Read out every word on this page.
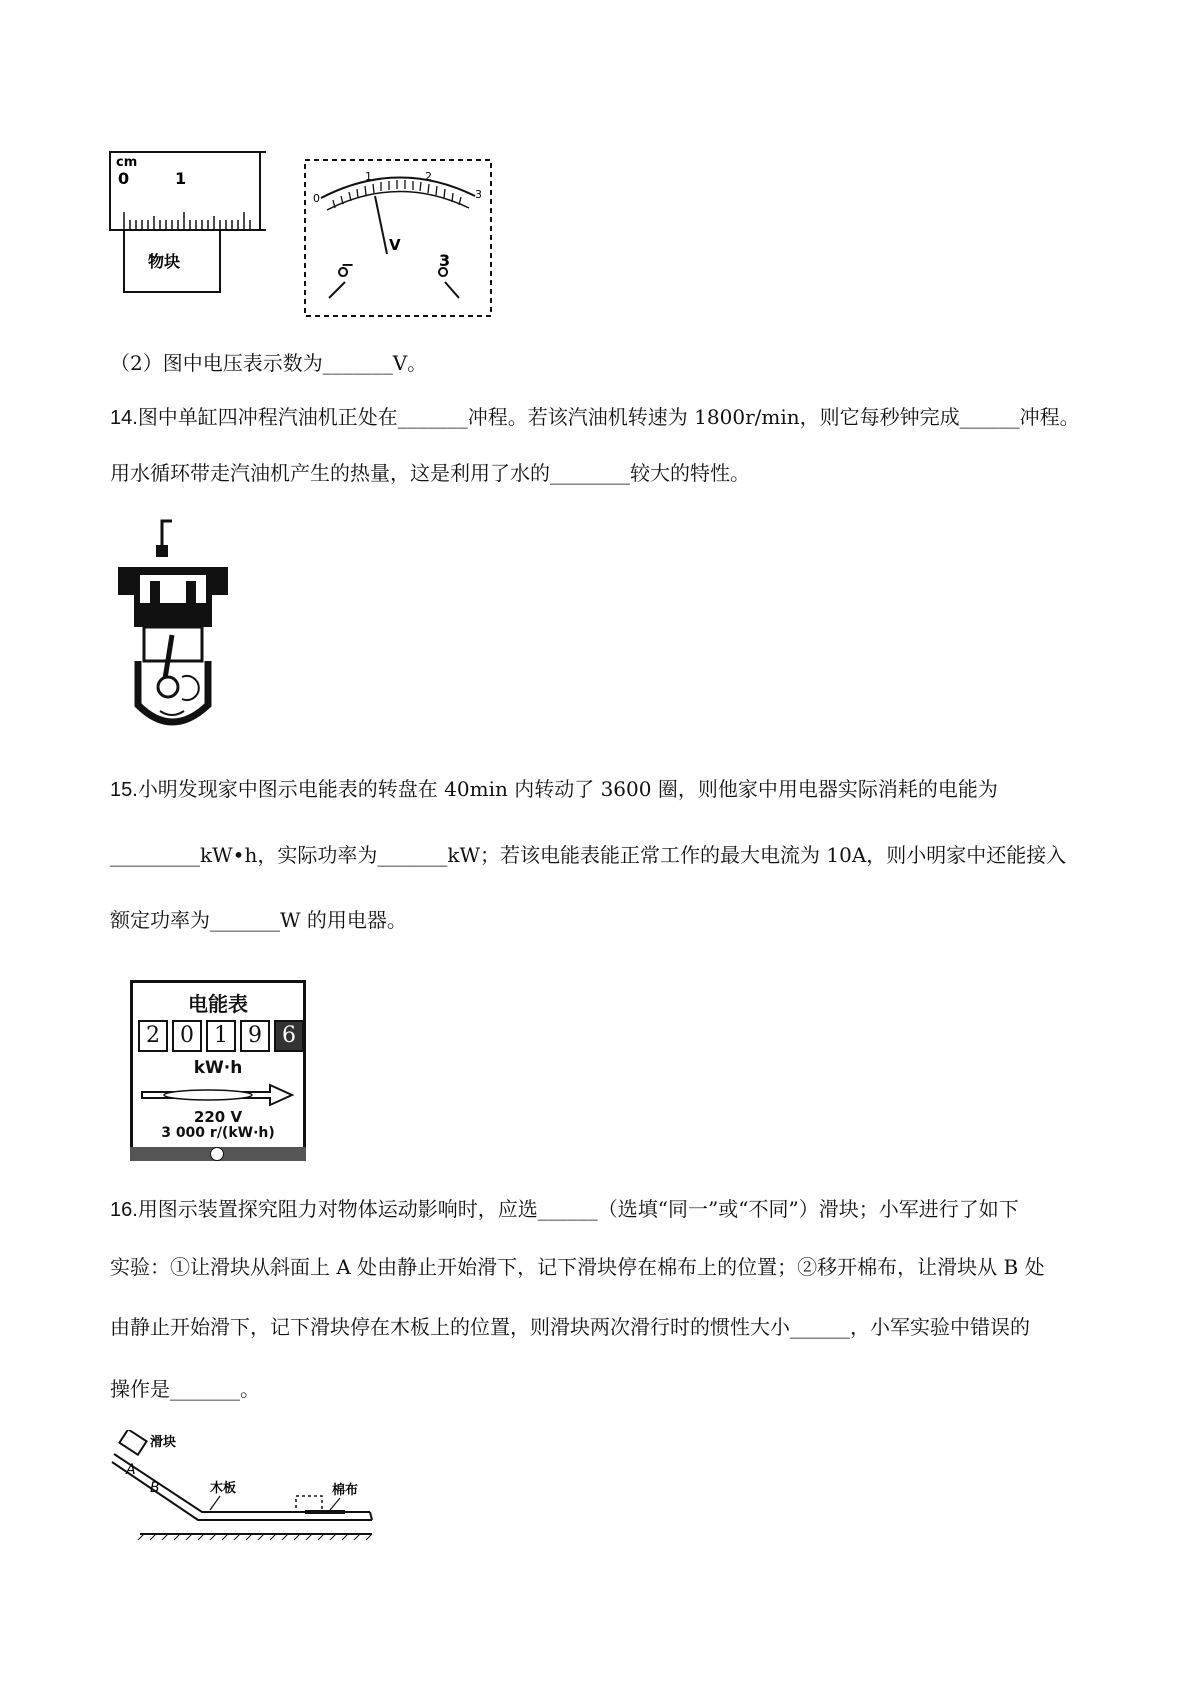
cm
0	1
物块
0
1	2
3
V
−	3
（2）图中电压表示数为_______V。
14.图中单缸四冲程汽油机正处在_______冲程。若该汽油机转速为 1800r/min，则它每秒钟完成______冲程。
用水循环带走汽油机产生的热量，这是利用了水的________较大的特性。
15.小明发现家中图示电能表的转盘在 40min 内转动了 3600 圈，则他家中用电器实际消耗的电能为
_________kW•h，实际功率为_______kW；若该电能表能正常工作的最大电流为 10A，则小明家中还能接入
额定功率为_______W 的用电器。
电能表
2 0 1 9 6
kW·h
220 V
3 000 r/(kW·h)
16.用图示装置探究阻力对物体运动影响时，应选______（选填“同一”或“不同”）滑块；小军进行了如下
实验：①让滑块从斜面上 A 处由静止开始滑下，记下滑块停在棉布上的位置；②移开棉布，让滑块从 B 处
由静止开始滑下，记下滑块停在木板上的位置，则滑块两次滑行时的惯性大小______，小军实验中错误的
操作是_______。
滑块
A
B	木板	棉布
